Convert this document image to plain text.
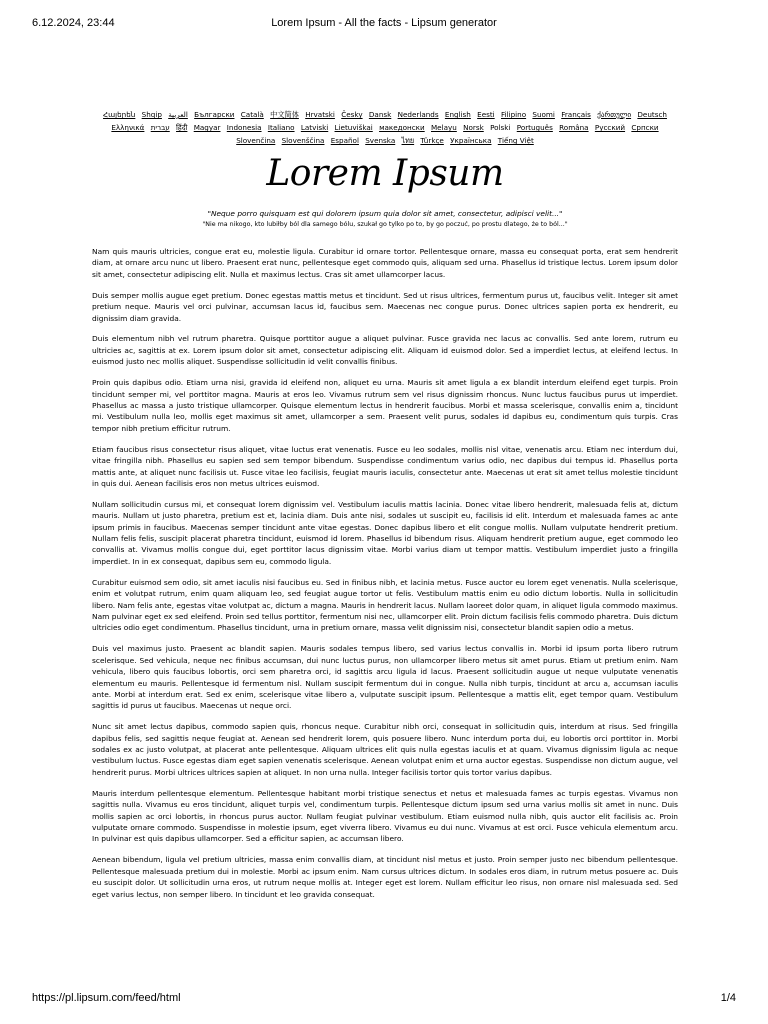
6.12.2024, 23:44	Lorem Ipsum - All the facts - Lipsum generator
Հայերեն Shqip العربية Български Català 中文简体 Hrvatski Česky Dansk Nederlands English Eesti Filipino Suomi Français ქართული Deutsch Ελληνικά עברית हिंदी Magyar Indonesia Italiano Latviski Lietuviškai македонски Melayu Norsk Polski Português Româna Pyccкий Српски Slovenčina Slovenščina Español Svenska ไทย Türkçe Українська Tiếng Việt
Lorem Ipsum
"Neque porro quisquam est qui dolorem ipsum quia dolor sit amet, consectetur, adipisci velit..."
"Nie ma nikogo, kto lubiłby ból dla samego bólu, szukał go tylko po to, by go poczuć, po prostu dlatego, że to ból..."

Nam quis mauris ultricies, congue erat eu, molestie ligula. Curabitur id ornare tortor. Pellentesque ornare, massa eu consequat porta, erat sem hendrerit diam, at ornare arcu nunc ut libero. Praesent erat nunc, pellentesque eget commodo quis, aliquam sed urna. Phasellus id tristique lectus. Lorem ipsum dolor sit amet, consectetur adipiscing elit. Nulla et maximus lectus. Cras sit amet ullamcorper lacus.

Duis semper mollis augue eget pretium. Donec egestas mattis metus et tincidunt. Sed ut risus ultrices, fermentum purus ut, faucibus velit. Integer sit amet pretium neque. Mauris vel orci pulvinar, accumsan lacus id, faucibus sem. Maecenas nec congue purus. Donec ultrices sapien porta ex hendrerit, eu dignissim diam gravida.

Duis elementum nibh vel rutrum pharetra. Quisque porttitor augue a aliquet pulvinar. Fusce gravida nec lacus ac convallis. Sed ante lorem, rutrum eu ultricies ac, sagittis at ex. Lorem ipsum dolor sit amet, consectetur adipiscing elit. Aliquam id euismod dolor. Sed a imperdiet lectus, at eleifend lectus. In euismod justo nec mollis aliquet. Suspendisse sollicitudin id velit convallis finibus.

Proin quis dapibus odio. Etiam urna nisi, gravida id eleifend non, aliquet eu urna. Mauris sit amet ligula a ex blandit interdum eleifend eget turpis. Proin tincidunt semper mi, vel porttitor magna. Mauris at eros leo. Vivamus rutrum sem vel risus dignissim rhoncus. Nunc luctus faucibus purus ut imperdiet. Phasellus ac massa a justo tristique ullamcorper. Quisque elementum lectus in hendrerit faucibus. Morbi et massa scelerisque, convallis enim a, tincidunt mi. Vestibulum nulla leo, mollis eget maximus sit amet, ullamcorper a sem. Praesent velit purus, sodales id dapibus eu, condimentum quis turpis. Cras tempor nibh pretium efficitur rutrum.

Etiam faucibus risus consectetur risus aliquet, vitae luctus erat venenatis. Fusce eu leo sodales, mollis nisl vitae, venenatis arcu. Etiam nec interdum dui, vitae fringilla nibh. Phasellus eu sapien sed sem tempor bibendum. Suspendisse condimentum varius odio, nec dapibus dui tempus id. Phasellus porta mattis ante, at aliquet nunc facilisis ut. Fusce vitae leo facilisis, feugiat mauris iaculis, consectetur ante. Maecenas ut erat sit amet tellus molestie tincidunt in quis dui. Aenean facilisis eros non metus ultrices euismod.

Nullam sollicitudin cursus mi, et consequat lorem dignissim vel. Vestibulum iaculis mattis lacinia. Donec vitae libero hendrerit, malesuada felis at, dictum mauris. Nullam ut justo pharetra, pretium est et, lacinia diam. Duis ante nisi, sodales ut suscipit eu, facilisis id elit. Interdum et malesuada fames ac ante ipsum primis in faucibus. Maecenas semper tincidunt ante vitae egestas. Donec dapibus libero et elit congue mollis. Nullam vulputate hendrerit pretium. Nullam felis felis, suscipit placerat pharetra tincidunt, euismod id lorem. Phasellus id bibendum risus. Aliquam hendrerit pretium augue, eget commodo leo convallis at. Vivamus mollis congue dui, eget porttitor lacus dignissim vitae. Morbi varius diam ut tempor mattis. Vestibulum imperdiet justo a fringilla imperdiet. In in ex consequat, dapibus sem eu, commodo ligula.

Curabitur euismod sem odio, sit amet iaculis nisi faucibus eu. Sed in finibus nibh, et lacinia metus. Fusce auctor eu lorem eget venenatis. Nulla scelerisque, enim et volutpat rutrum, enim quam aliquam leo, sed feugiat augue tortor ut felis. Vestibulum mattis enim eu odio dictum lobortis. Nulla in sollicitudin libero. Nam felis ante, egestas vitae volutpat ac, dictum a magna. Mauris in hendrerit lacus. Nullam laoreet dolor quam, in aliquet ligula commodo maximus. Nam pulvinar eget ex sed eleifend. Proin sed tellus porttitor, fermentum nisi nec, ullamcorper elit. Proin dictum facilisis felis commodo pharetra. Duis dictum ultricies odio eget condimentum. Phasellus tincidunt, urna in pretium ornare, massa velit dignissim nisi, consectetur blandit sapien odio a metus.

Duis vel maximus justo. Praesent ac blandit sapien. Mauris sodales tempus libero, sed varius lectus convallis in. Morbi id ipsum porta libero rutrum scelerisque. Sed vehicula, neque nec finibus accumsan, dui nunc luctus purus, non ullamcorper libero metus sit amet purus. Etiam ut pretium enim. Nam vehicula, libero quis faucibus lobortis, orci sem pharetra orci, id sagittis arcu ligula id lacus. Praesent sollicitudin augue ut neque vulputate venenatis elementum eu mauris. Pellentesque id fermentum nisl. Nullam suscipit fermentum dui in congue. Nulla nibh turpis, tincidunt at arcu a, accumsan iaculis ante. Morbi at interdum erat. Sed ex enim, scelerisque vitae libero a, vulputate suscipit ipsum. Pellentesque a mattis elit, eget tempor quam. Vestibulum sagittis id purus ut faucibus. Maecenas ut neque orci.

Nunc sit amet lectus dapibus, commodo sapien quis, rhoncus neque. Curabitur nibh orci, consequat in sollicitudin quis, interdum at risus. Sed fringilla dapibus felis, sed sagittis neque feugiat at. Aenean sed hendrerit lorem, quis posuere libero. Nunc interdum porta dui, eu lobortis orci porttitor in. Morbi sodales ex ac justo volutpat, at placerat ante pellentesque. Aliquam ultrices elit quis nulla egestas iaculis et at quam. Vivamus dignissim ligula ac neque vestibulum luctus. Fusce egestas diam eget sapien venenatis scelerisque. Aenean volutpat enim et urna auctor egestas. Suspendisse non dictum augue, vel hendrerit purus. Morbi ultrices ultrices sapien at aliquet. In non urna nulla. Integer facilisis tortor quis tortor varius dapibus.

Mauris interdum pellentesque elementum. Pellentesque habitant morbi tristique senectus et netus et malesuada fames ac turpis egestas. Vivamus non sagittis nulla. Vivamus eu eros tincidunt, aliquet turpis vel, condimentum turpis. Pellentesque dictum ipsum sed urna varius mollis sit amet in nunc. Duis mollis sapien ac orci lobortis, in rhoncus purus auctor. Nullam feugiat pulvinar vestibulum. Etiam euismod nulla nibh, quis auctor elit facilisis ac. Proin vulputate ornare commodo. Suspendisse in molestie ipsum, eget viverra libero. Vivamus eu dui nunc. Vivamus at est orci. Fusce vehicula elementum arcu. In pulvinar est quis dapibus ullamcorper. Sed a efficitur sapien, ac accumsan libero.

Aenean bibendum, ligula vel pretium ultricies, massa enim convallis diam, at tincidunt nisl metus et justo. Proin semper justo nec bibendum pellentesque. Pellentesque malesuada pretium dui in molestie. Morbi ac ipsum enim. Nam cursus ultrices dictum. In sodales eros diam, in rutrum metus posuere ac. Duis eu suscipit dolor. Ut sollicitudin urna eros, ut rutrum neque mollis at. Integer eget est lorem. Nullam efficitur leo risus, non ornare nisl malesuada sed. Sed eget varius lectus, non semper libero. In tincidunt et leo gravida consequat.

https://pl.lipsum.com/feed/html	1/4
